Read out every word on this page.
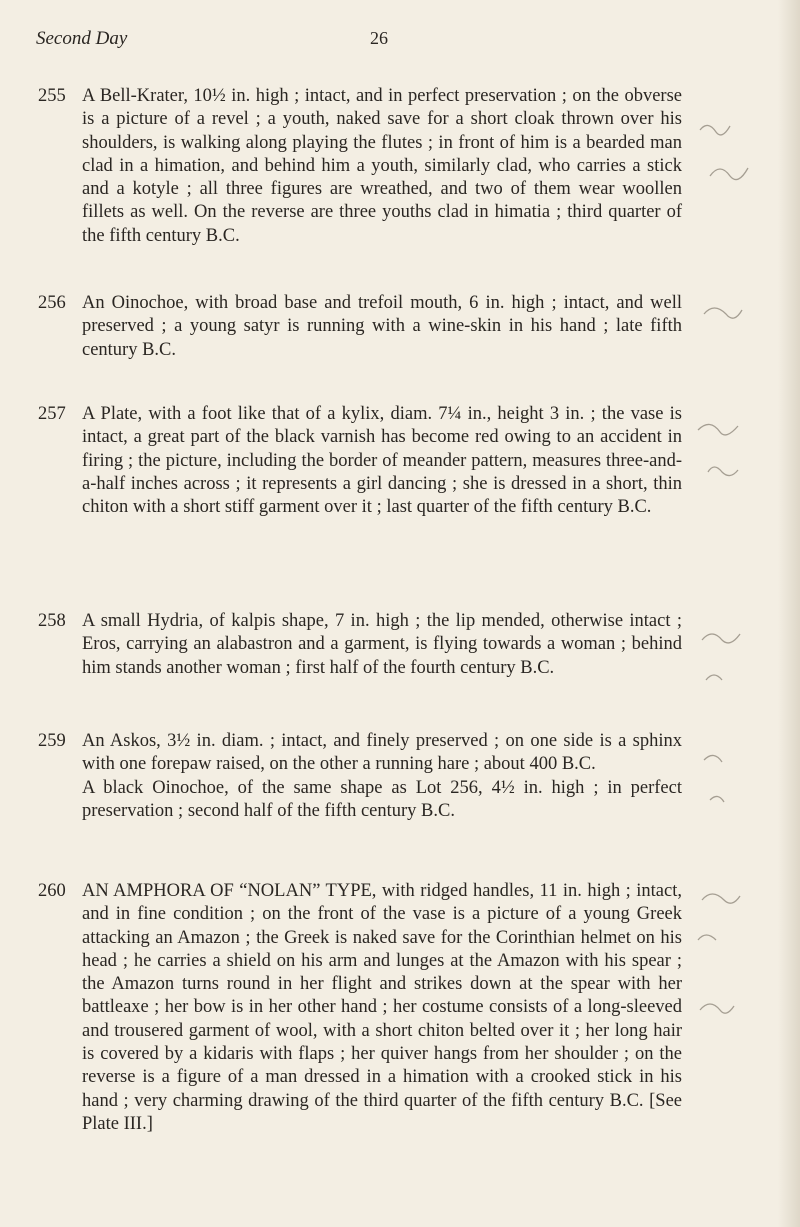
Second Day	26
255 A Bell-Krater, 10½ in. high ; intact, and in perfect preservation ; on the obverse is a picture of a revel ; a youth, naked save for a short cloak thrown over his shoulders, is walking along playing the flutes ; in front of him is a bearded man clad in a himation, and behind him a youth, similarly clad, who carries a stick and a kotyle ; all three figures are wreathed, and two of them wear woollen fillets as well. On the reverse are three youths clad in himatia ; third quarter of the fifth century B.C.

256 An Oinochoe, with broad base and trefoil mouth, 6 in. high ; intact, and well preserved ; a young satyr is running with a wine-skin in his hand ; late fifth century B.C.

257 A Plate, with a foot like that of a kylix, diam. 7¼ in., height 3 in. ; the vase is intact, a great part of the black varnish has become red owing to an accident in firing ; the picture, including the border of meander pattern, measures three-and-a-half inches across ; it represents a girl dancing ; she is dressed in a short, thin chiton with a short stiff garment over it ; last quarter of the fifth century B.C.

258 A small Hydria, of kalpis shape, 7 in. high ; the lip mended, otherwise intact ; Eros, carrying an alabastron and a garment, is flying towards a woman ; behind him stands another woman ; first half of the fourth century B.C.

259 An Askos, 3½ in. diam. ; intact, and finely preserved ; on one side is a sphinx with one forepaw raised, on the other a running hare ; about 400 B.C.

A black Oinochoe, of the same shape as Lot 256, 4½ in. high ; in perfect preservation ; second half of the fifth century B.C.

260 AN AMPHORA OF “NOLAN” TYPE, with ridged handles, 11 in. high ; intact, and in fine condition ; on the front of the vase is a picture of a young Greek attacking an Amazon ; the Greek is naked save for the Corinthian helmet on his head ; he carries a shield on his arm and lunges at the Amazon with his spear ; the Amazon turns round in her flight and strikes down at the spear with her battleaxe ; her bow is in her other hand ; her costume consists of a long-sleeved and trousered garment of wool, with a short chiton belted over it ; her long hair is covered by a kidaris with flaps ; her quiver hangs from her shoulder ; on the reverse is a figure of a man dressed in a himation with a crooked stick in his hand ; very charming drawing of the third quarter of the fifth century B.C. [See Plate III.]
